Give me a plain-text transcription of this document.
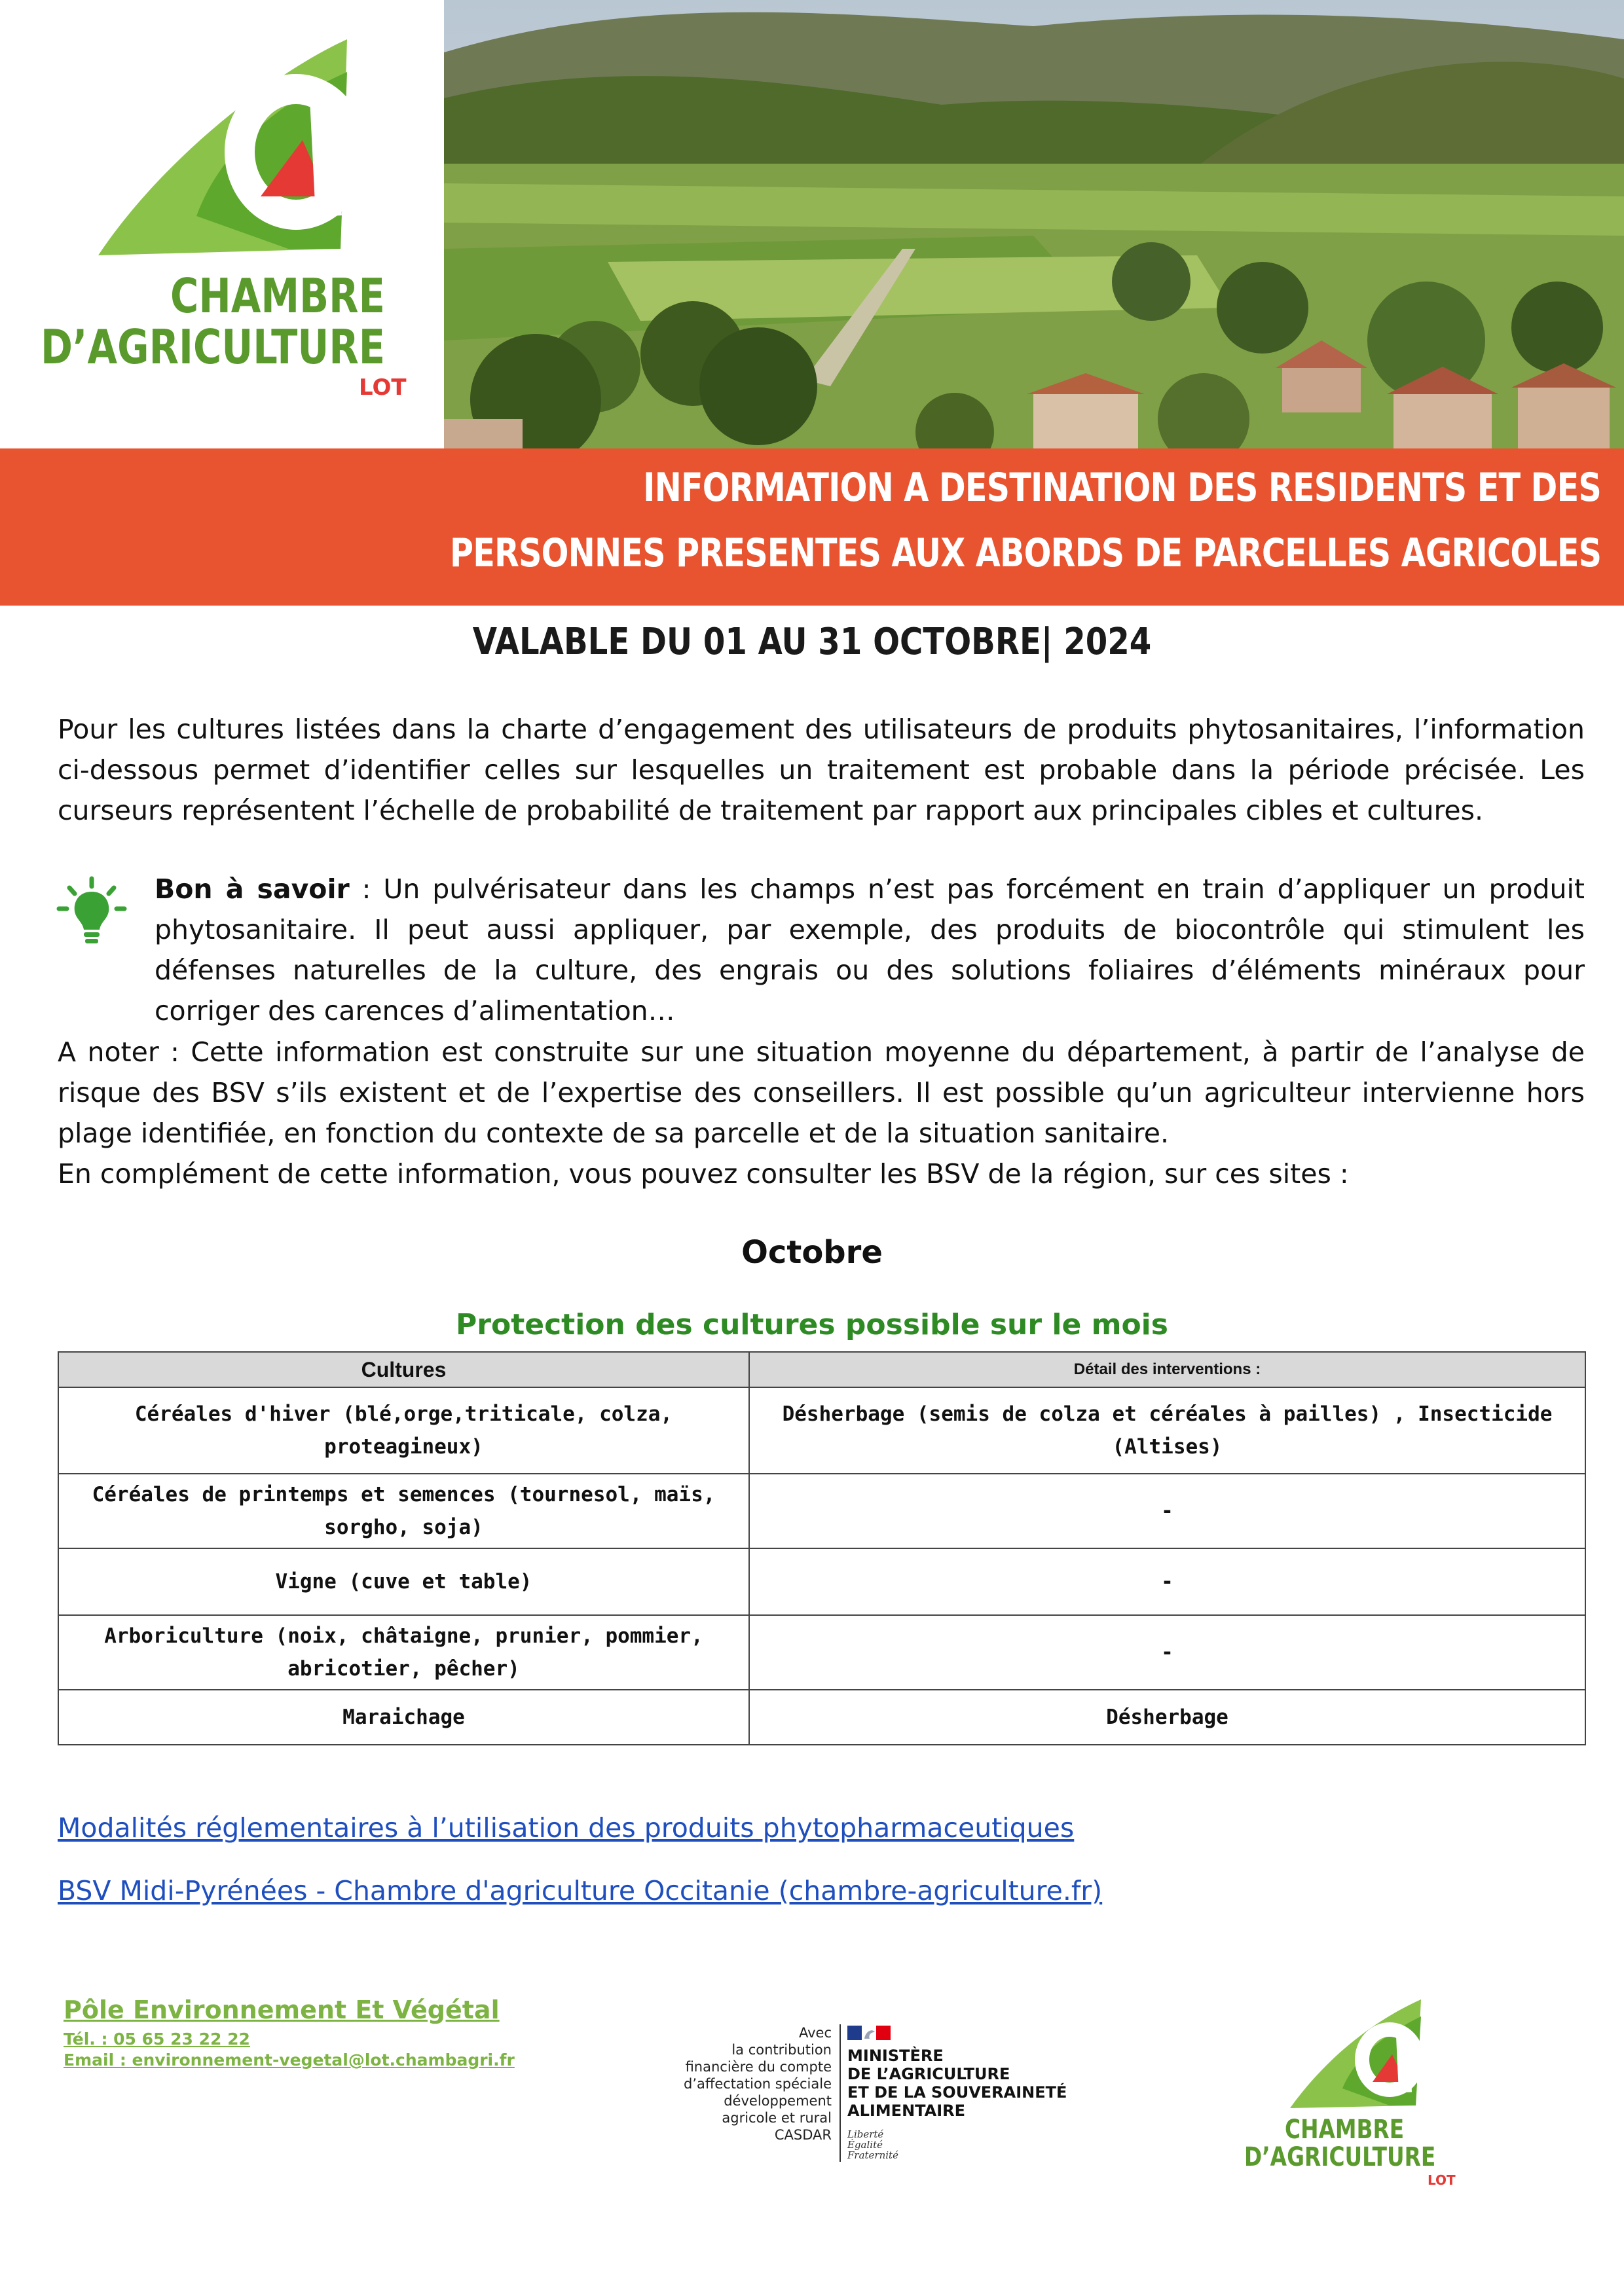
CHAMBRE
D’AGRICULTURE
LOT
INFORMATION A DESTINATION DES RESIDENTS ET DES
PERSONNES PRESENTES AUX ABORDS DE PARCELLES AGRICOLES
VALABLE DU 01 AU 31 OCTOBRE| 2024

Pour les cultures listées dans la charte d’engagement des utilisateurs de produits phytosanitaires, l’information ci-dessous permet d’identifier celles sur lesquelles un traitement est probable dans la période précisée. Les curseurs représentent l’échelle de probabilité de traitement par rapport aux principales cibles et cultures.

Bon à savoir : Un pulvérisateur dans les champs n’est pas forcément en train d’appliquer un produit phytosanitaire. Il peut aussi appliquer, par exemple, des produits de biocontrôle qui stimulent les défenses naturelles de la culture, des engrais ou des solutions foliaires d’éléments minéraux pour corriger des carences d’alimentation…

A noter : Cette information est construite sur une situation moyenne du département, à partir de l’analyse de risque des BSV s’ils existent et de l’expertise des conseillers. Il est possible qu’un agriculteur intervienne hors plage identifiée, en fonction du contexte de sa parcelle et de la situation sanitaire.

En complément de cette information, vous pouvez consulter les BSV de la région, sur ces sites :

Octobre
Protection des cultures possible sur le mois
Cultures	Détail des interventions :
Céréales d'hiver (blé,orge,triticale, colza, proteagineux)	Désherbage (semis de colza et céréales à pailles) , Insecticide (Altises)
Céréales de printemps et semences (tournesol, maïs, sorgho, soja)	-
Vigne (cuve et table)	-
Arboriculture (noix, châtaigne, prunier, pommier, abricotier, pêcher)	-
Maraichage	Désherbage
Modalités réglementaires à l’utilisation des produits phytopharmaceutiques
BSV Midi-Pyrénées - Chambre d'agriculture Occitanie (chambre-agriculture.fr)
Pôle Environnement Et Végétal
Tél. : 05 65 23 22 22
Email : environnement-vegetal@lot.chambagri.fr
Avec
la contribution
financière du compte
d’affectation spéciale
développement
agricole et rural
CASDAR
MINISTÈRE
DE L’AGRICULTURE
ET DE LA SOUVERAINETÉ
ALIMENTAIRE
Liberté
Égalité
Fraternité
CHAMBRE
D’AGRICULTURE
LOT
